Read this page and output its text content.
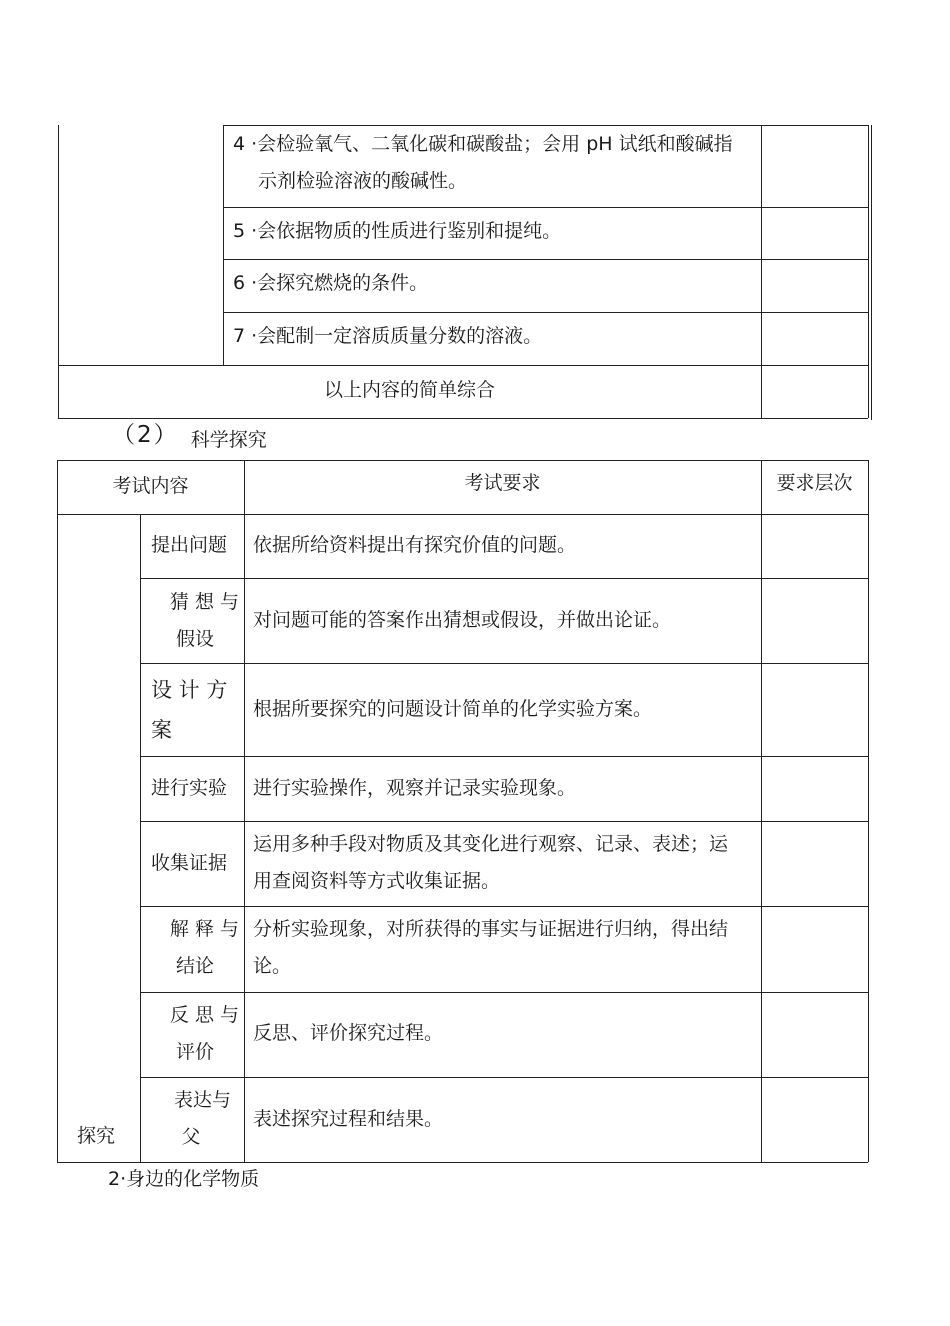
4 ·会检验氧气、二氧化碳和碳酸盐；会用 pH 试纸和酸碱指
示剂检验溶液的酸碱性。
5 ·会依据物质的性质进行鉴别和提纯。
6 ·会探究燃烧的条件。
7 ·会配制一定溶质质量分数的溶液。
以上内容的简单综合
（2） 科学探究
考试内容	考试要求	要求层次
探究
提出问题 依据所给资料提出有探究价值的问题。
猜 想 与
假设
对问题可能的答案作出猜想或假设，并做出论证。
设 计 方
案
根据所要探究的问题设计简单的化学实验方案。
进行实验 进行实验操作，观察并记录实验现象。
收集证据
运用多种手段对物质及其变化进行观察、记录、表述；运
用查阅资料等方式收集证据。
解 释 与
结论
分析实验现象，对所获得的事实与证据进行归纳，得出结
论。
反 思 与
评价
反思、评价探究过程。
表达与
父
表述探究过程和结果。
2·身边的化学物质
